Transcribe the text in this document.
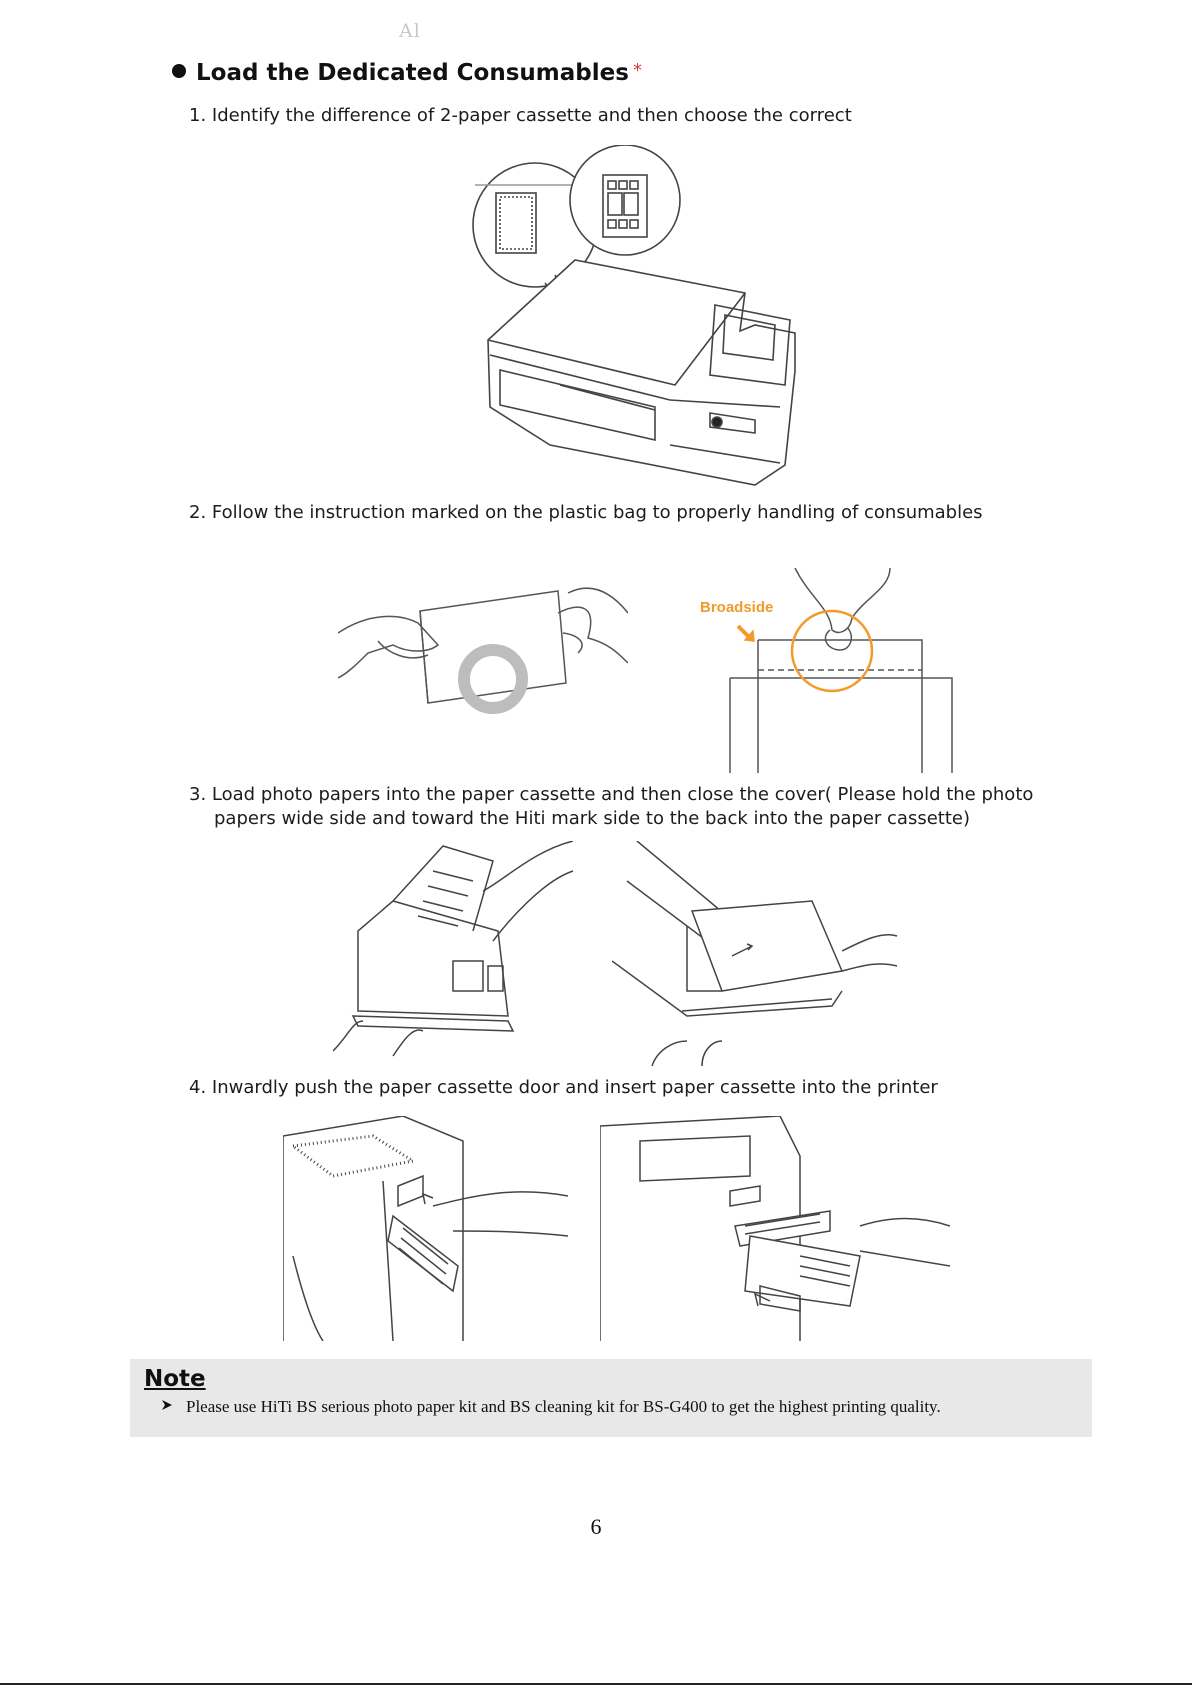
Al
Load the Dedicated Consumables *
1. Identify the difference of 2-paper cassette and then choose the correct
2. Follow the instruction marked on the plastic bag to properly handling of consumables
Broadside
3. Load photo papers into the paper cassette and then close the cover( Please hold the photo
papers wide side and toward the Hiti mark side to the back into the paper cassette)
4. Inwardly push the paper cassette door and insert paper cassette into the printer
Note
Please use HiTi BS serious photo paper kit and BS cleaning kit for BS-G400 to get the highest printing quality.
6
